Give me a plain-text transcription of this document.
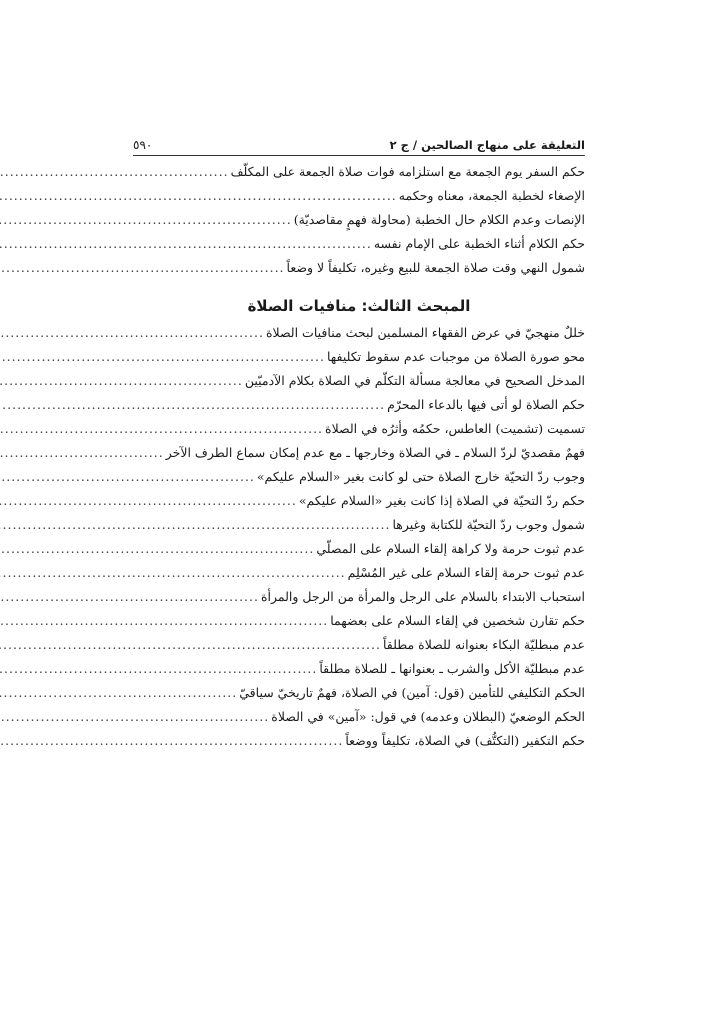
التعليقة على منهاج الصالحين / ج ٢
٥٩٠
حكم السفر يوم الجمعة مع استلزامه فوات صلاة الجمعة على المكلّف
.....
الإصغاء لخطبة الجمعة، معناه وحكمه
.....
الإنصات وعدم الكلام حال الخطبة (محاولة فهمٍ مقاصديّة)
.....
حكم الكلام أثناء الخطبة على الإمام نفسه
.....
شمول النهي وقت صلاة الجمعة للبيع وغيره، تكليفاً لا وضعاً
.....
المبحث الثالث: منافيات الصلاة
خللٌ منهجيّ في عرض الفقهاء المسلمين لبحث منافيات الصلاة
.....
محو صورة الصلاة من موجبات عدم سقوط تكليفها
.....
المدخل الصحيح في معالجة مسألة التكلّم في الصلاة بكلام الآدميّين
.....
حكم الصلاة لو أتى فيها بالدعاء المحرّم
.....
تسميت (تشميت) العاطس، حكمُه وأثرُه في الصلاة
.....
فهمٌ مقصديّ لردّ السلام ـ في الصلاة وخارجها ـ مع عدم إمكان سماع الطرف الآخر
.....
وجوب ردّ التحيّة خارج الصلاة حتى لو كانت بغير «السلام عليكم»
.....
حكم ردّ التحيّة في الصلاة إذا كانت بغير «السلام عليكم»
.....
شمول وجوب ردّ التحيّة للكتابة وغيرها
.....
عدم ثبوت حرمة ولا كراهة إلقاء السلام على المصلّي
.....
عدم ثبوت حرمة إلقاء السلام على غير المُسْلِم
.....
استحباب الابتداء بالسلام على الرجل والمرأة من الرجل والمرأة
.....
حكم تقارن شخصين في إلقاء السلام على بعضهما
.....
عدم مبطليّة البكاء بعنوانه للصلاة مطلقاً
.....
عدم مبطليّة الأكل والشرب ـ بعنوانها ـ للصلاة مطلقاً
.....
الحكم التكليفي للتأمين (قول: آمين) في الصلاة، فهمٌ تاريخيّ سياقيّ
.....
الحكم الوضعيّ (البطلان وعدمه) في قول: «آمين» في الصلاة
.....
حكم التكفير (التكتُّف) في الصلاة، تكليفاً ووضعاً
.....
